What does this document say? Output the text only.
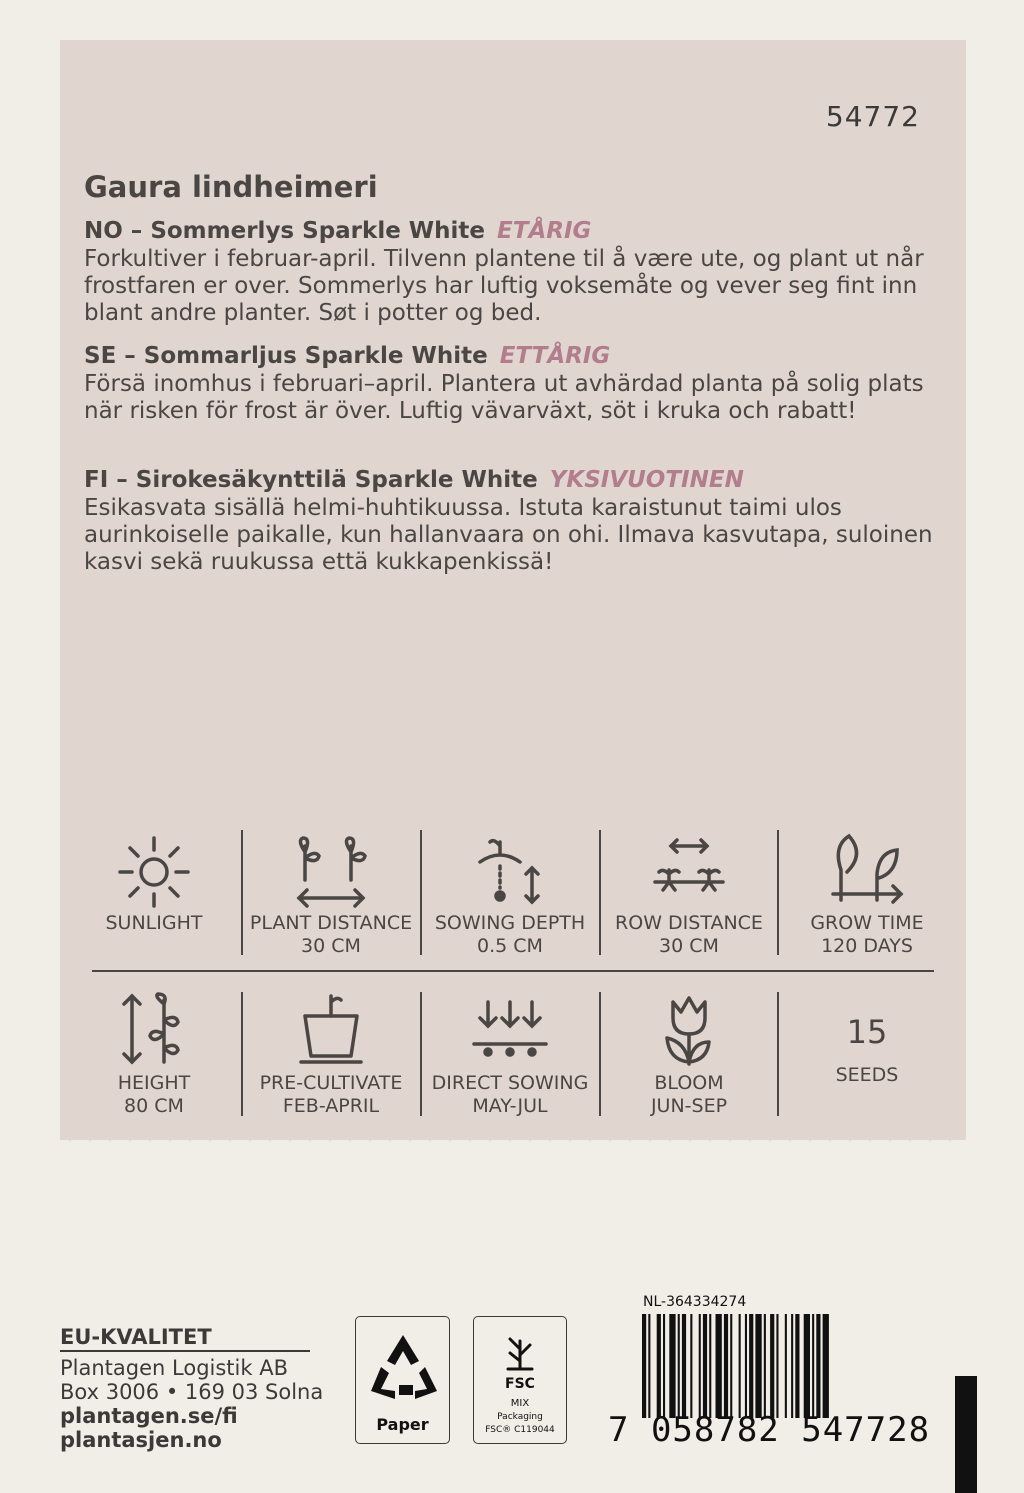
54772
Gaura lindheimeri
NO – Sommerlys Sparkle White ETÅRIG

Forkultiver i februar-april. Tilvenn plantene til å være ute, og plant ut når frostfaren er over. Sommerlys har luftig voksemåte og vever seg fint inn blant andre planter. Søt i potter og bed.

SE – Sommarljus Sparkle White ETTÅRIG

Försä inomhus i februari–april. Plantera ut avhärdad planta på solig plats när risken för frost är över. Luftig vävarväxt, söt i kruka och rabatt!

FI – Sirokesäkynttilä Sparkle White YKSIVUOTINEN

Esikasvata sisällä helmi-huhtikuussa. Istuta karaistunut taimi ulos aurinkoiselle paikalle, kun hallanvaara on ohi. Ilmava kasvutapa, suloinen kasvi sekä ruukussa että kukkapenkissä!

SUNLIGHT	PLANT DISTANCE
30 CM
SOWING DEPTH
0.5 CM
ROW DISTANCE
30 CM
GROW TIME
120 DAYS
HEIGHT
80 CM
PRE-CULTIVATE
FEB-APRIL
DIRECT SOWING
MAY-JUL
BLOOM
JUN-SEP
15
SEEDS
EU-KVALITET
Plantagen Logistik AB
Box 3006 • 169 03 Solna
plantagen.se/fi
plantasjen.no
Paper
FSC
MIX
Packaging
FSC® C119044
NL-364334274
7 058782 547728
